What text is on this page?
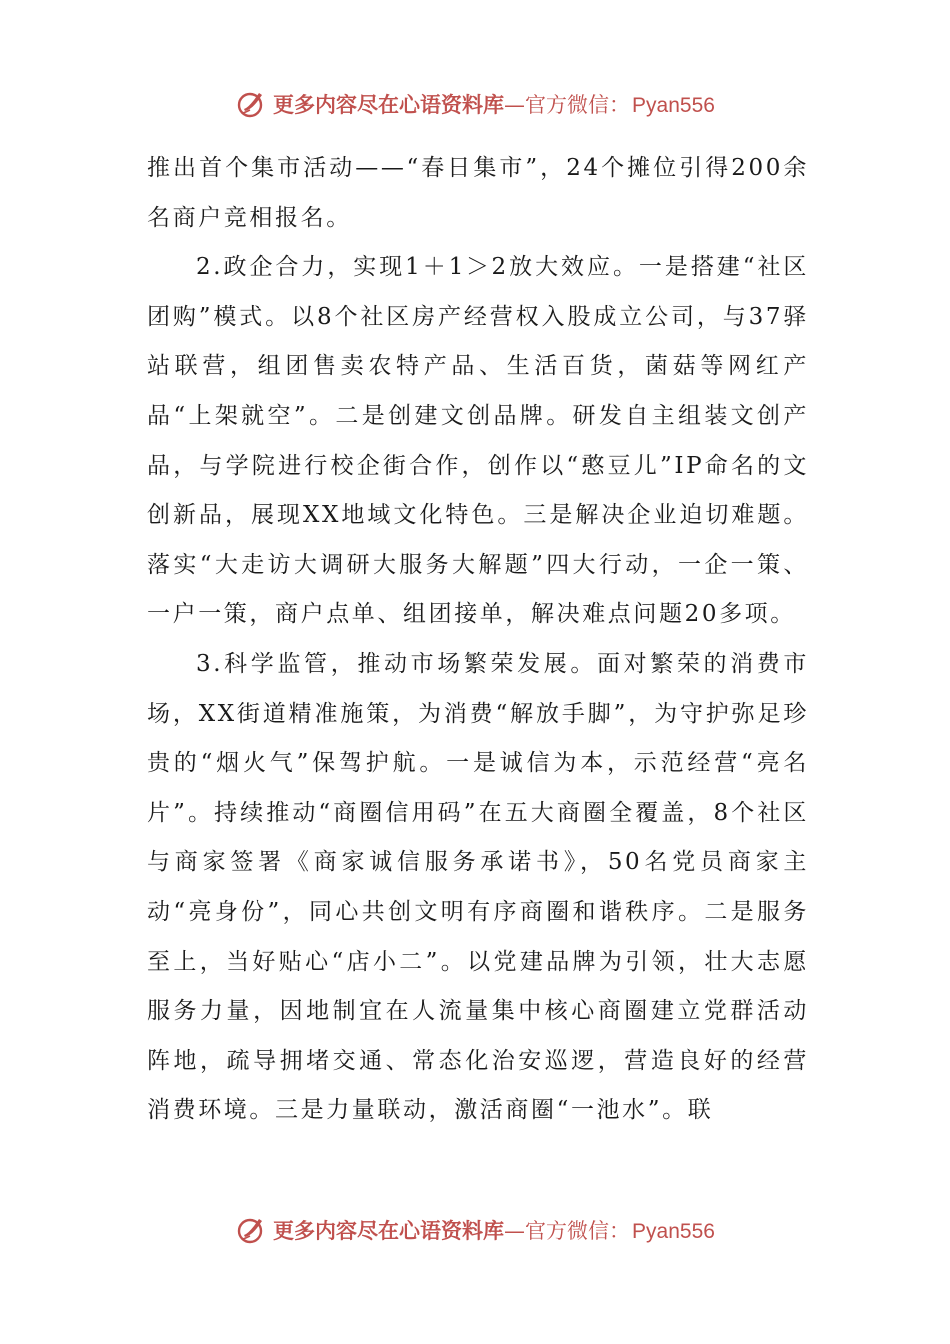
更多内容尽在心语资料库 — 官方微信： Pyan556

推出首个集市活动——“春日集市”，24个摊位引得200余名商户竞相报名。

2.政企合力，实现1＋1＞2放大效应。一是搭建“社区团购”模式。以8个社区房产经营权入股成立公司，与37驿站联营，组团售卖农特产品、生活百货，菌菇等网红产品“上架就空”。二是创建文创品牌。研发自主组装文创产品，与学院进行校企街合作，创作以“憨豆儿”IP命名的文创新品，展现XX地域文化特色。三是解决企业迫切难题。落实“大走访大调研大服务大解题”四大行动，一企一策、一户一策，商户点单、组团接单，解决难点问题20多项。

3.科学监管，推动市场繁荣发展。面对繁荣的消费市场，XX街道精准施策，为消费“解放手脚”，为守护弥足珍贵的“烟火气”保驾护航。一是诚信为本，示范经营“亮名片”。持续推动“商圈信用码”在五大商圈全覆盖，8个社区与商家签署《商家诚信服务承诺书》，50名党员商家主动“亮身份”，同心共创文明有序商圈和谐秩序。二是服务至上，当好贴心“店小二”。以党建品牌为引领，壮大志愿服务力量，因地制宜在人流量集中核心商圈建立党群活动阵地，疏导拥堵交通、常态化治安巡逻，营造良好的经营消费环境。三是力量联动，激活商圈“一池水”。联

更多内容尽在心语资料库 — 官方微信： Pyan556
